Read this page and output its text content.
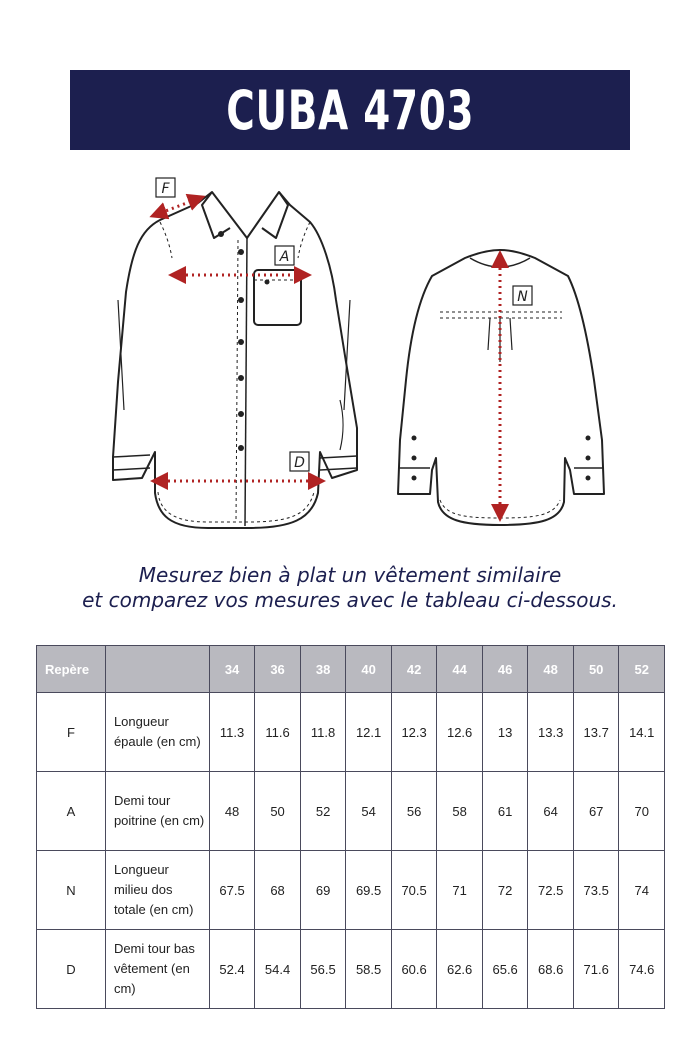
CUBA 4703
F
A
D
N
Mesurez bien à plat un vêtement similaire
et comparez vos mesures avec le tableau ci-dessous.
Repère		34	36	38	40	42	44	46	48	50	52
F	Longueur épaule (en cm)	11.3	11.6	11.8	12.1	12.3	12.6	13	13.3	13.7	14.1
A	Demi tour poitrine (en cm)	48	50	52	54	56	58	61	64	67	70
N	Longueur milieu dos totale (en cm)	67.5	68	69	69.5	70.5	71	72	72.5	73.5	74
D	Demi tour bas vêtement (en cm)	52.4	54.4	56.5	58.5	60.6	62.6	65.6	68.6	71.6	74.6
